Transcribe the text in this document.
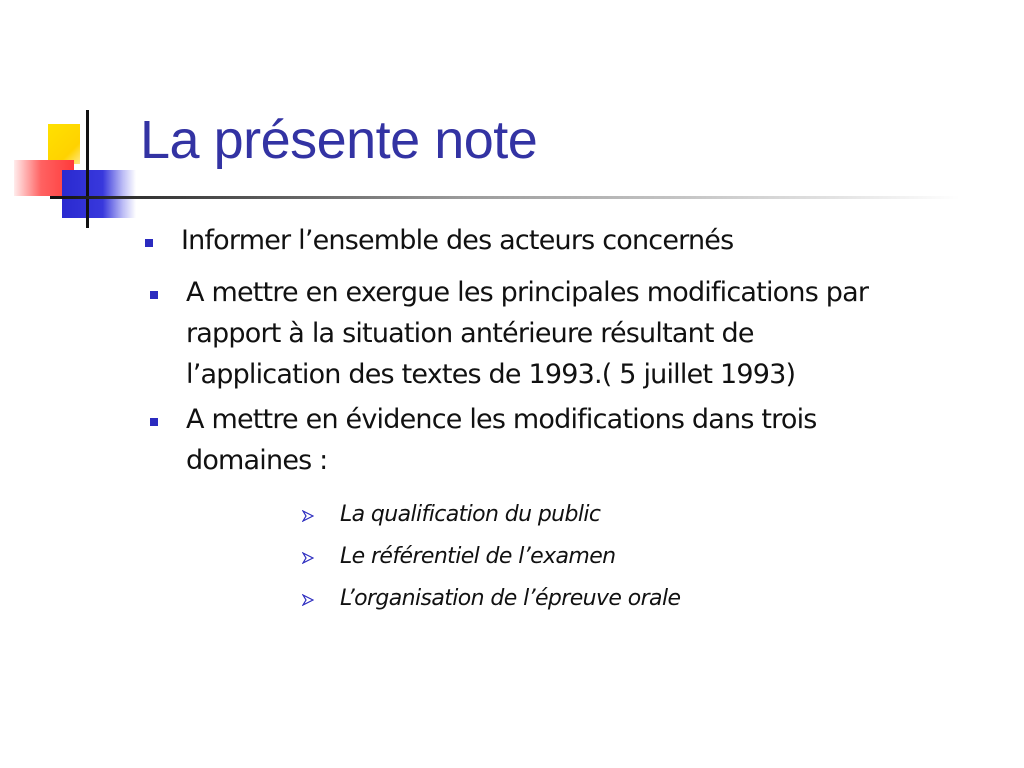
La présente note
Informer l’ensemble des acteurs concernés
A mettre en exergue les principales modifications par
rapport à la situation antérieure résultant de
l’application des textes de 1993.( 5 juillet 1993)
A mettre en évidence les modifications dans trois
domaines :
La qualification du public
Le référentiel de l’examen
L’organisation de l’épreuve orale
